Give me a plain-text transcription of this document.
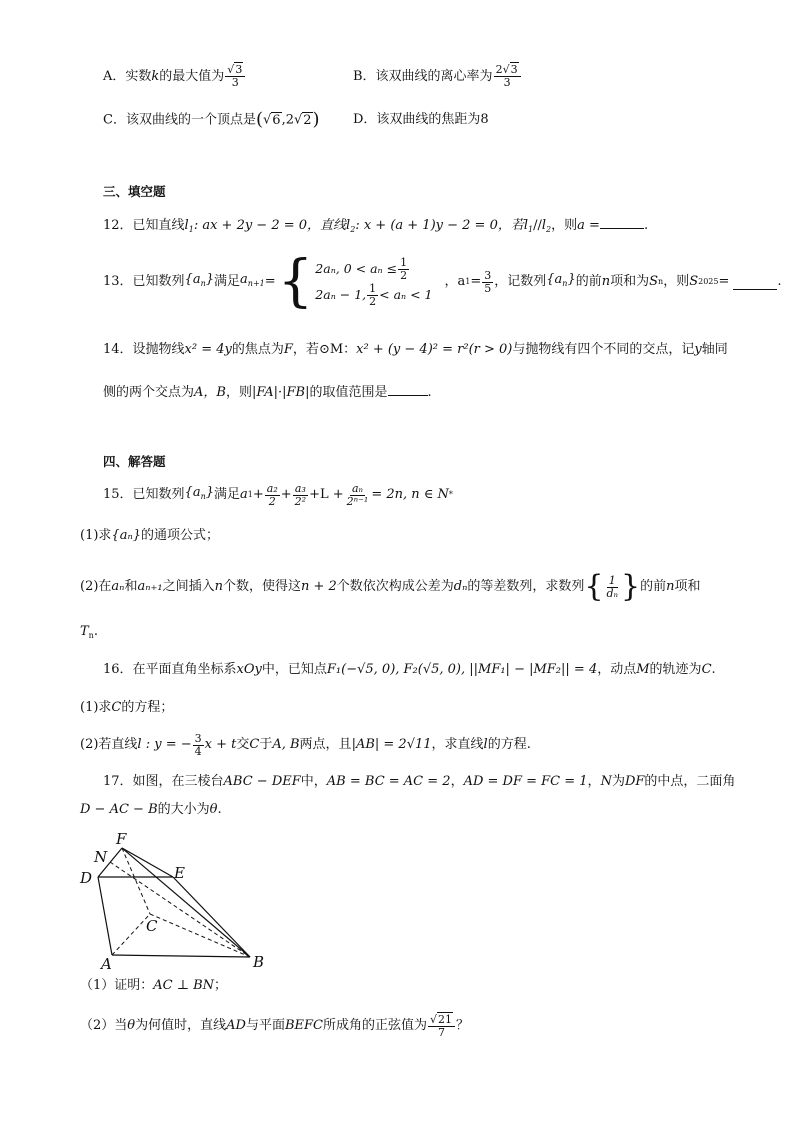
A．实数k的最大值为 $\frac{√3}{3}$	B．该双曲线的离心率为 $\frac{2√3}{3}$
C．该双曲线的一个顶点是(√6,2√2)	D．该双曲线的焦距为8
三、填空题
12．已知直线$l_1$: ax + 2y − 2 = 0，直线$l_2$: x + (a + 1)y − 2 = 0，若$l_1//l_2$，则a =	.
13．已知数列 $\{a_n\}$ 满足 $a_{n+1}$ = { 2aₙ, $0 < a_n \le \frac{1}{2}$
2aₙ − 1, $\frac{1}{2} < a_n < 1$
，a $1 = \frac{3}{5}$ ，记数列 $\{a_n\}$ 的前 n 项和为 S n ，则 S 2025 =	.
14．设抛物线x² = 4y的焦点为F，若⊙M：x² + (y − 4)² = r²(r > 0)与抛物线有四个不同的交点，记y轴同
侧的两个交点为A，B，则|FA|·|FB|的取值范围是	.
四、解答题
15．已知数列 $\{a_n\}$ 满足 a $1 + \frac{\text{a₂}}{2} + \frac{\text{a₃}}{\text{2²}} +L + \frac{\text{aₙ}}{\text{2ⁿ⁻¹}} = 2n$, n ∈ N *
(1)求{aₙ}的通项公式；
(2)在 aₙ 和 aₙ₊₁ 之间插入 n 个数，使得这 n + 2 个数依次构成公差为 dₙ 的等差数列，求数列 { $\frac{1}{\text{dₙ}}$ } 的前 n 项和
$T_n$.
16．在平面直角坐标系xOy中，已知点F₁(−√5, 0), F₂(√5, 0), ||MF₁| − |MF₂|| = 4，动点M的轨迹为C.
(1)求C的方程；
(2)若直线 l : y = − $\frac{3}{4}$ x + t 交 C 于 A, B 两点，且 |AB| = 2√11 ，求直线 l 的方程.
17．如图，在三棱台ABC − DEF中，AB = BC = AC = 2，AD = DF = FC = 1，N为DF的中点，二面角
D − AC − B的大小为θ.
F
N
D	E
C
A	B
（1）证明：AC ⊥ BN；
（2）当 θ 为何值时，直线 AD 与平面 BEFC 所成角的正弦值为 $\frac{√21}{7}$ ？
